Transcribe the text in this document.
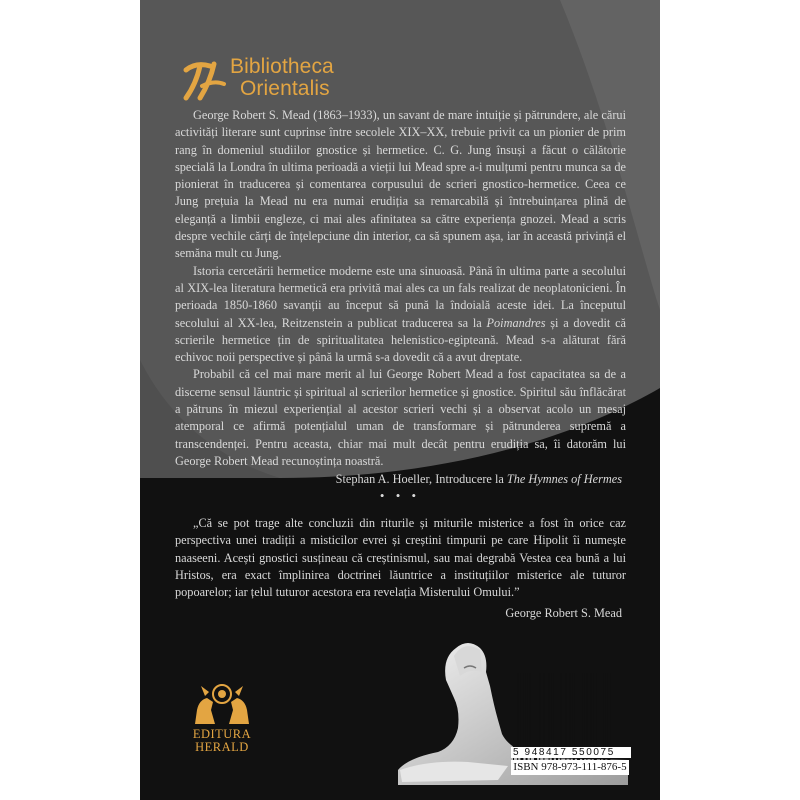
Bibliotheca
Orientalis

George Robert S. Mead (1863–1933), un savant de mare intuiție și pătrundere, ale cărui activități literare sunt cuprinse între secolele XIX–XX, trebuie privit ca un pionier de prim rang în domeniul studiilor gnostice și hermetice. C. G. Jung însuși a făcut o călătorie specială la Londra în ultima perioadă a vieții lui Mead spre a-i mulțumi pentru munca sa de pionierat în traducerea și comentarea corpusului de scrieri gnostico-hermetice. Ceea ce Jung prețuia la Mead nu era numai erudiția sa remarcabilă și întrebuințarea plină de eleganță a limbii engleze, ci mai ales afinitatea sa către experiența gnozei. Mead a scris despre vechile cărți de înțelepciune din interior, ca să spunem așa, iar în această privință el semăna mult cu Jung.

Istoria cercetării hermetice moderne este una sinuoasă. Până în ultima parte a secolului al XIX-lea literatura hermetică era privită mai ales ca un fals realizat de neoplatonicieni. În perioada 1850-1860 savanții au început să pună la îndoială aceste idei. La începutul secolului al XX-lea, Reitzenstein a publicat traducerea sa la Poimandres și a dovedit că scrierile hermetice țin de spiritualitatea helenistico-egipteană. Mead s-a alăturat fără echivoc noii perspective și până la urmă s-a dovedit că a avut dreptate.

Probabil că cel mai mare merit al lui George Robert Mead a fost capacitatea sa de a discerne sensul lăuntric și spiritual al scrierilor hermetice și gnostice. Spiritul său înflăcărat a pătruns în miezul experiențial al acestor scrieri vechi și a observat acolo un mesaj atemporal ce afirmă potențialul uman de transformare și pătrunderea supremă a transcendenței. Pentru aceasta, chiar mai mult decât pentru erudiția sa, îi datorăm lui George Robert Mead recunoștința noastră.

Stephan A. Hoeller, Introducere la The Hymnes of Hermes
• • •

„Că se pot trage alte concluzii din riturile și miturile misterice a fost în orice caz perspectiva unei tradiții a misticilor evrei și creștini timpurii pe care Hipolit îi numește naaseeni. Acești gnostici susțineau că creștinismul, sau mai degrabă Vestea cea bună a lui Hristos, era exact împlinirea doctrinei lăuntrice a instituțiilor misterice ale tuturor popoarelor; iar țelul tuturor acestora era revelația Misterului Omului.”

George Robert S. Mead
EDITURA
HERALD	5 948417 550075
ISBN 978-973-111-876-5
